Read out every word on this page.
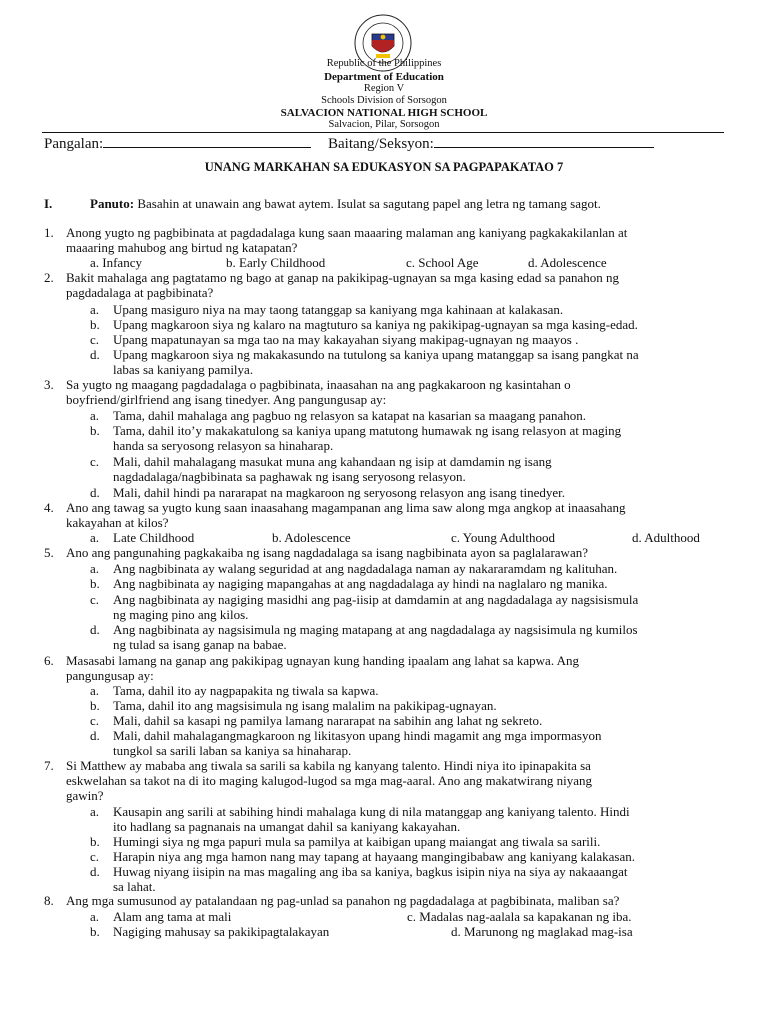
Republic of the Philippines
Department of Education
Region V
Schools Division of Sorsogon
SALVACION NATIONAL HIGH SCHOOL
Salvacion, Pilar, Sorsogon
Pangalan:	Baitang/Seksyon:
UNANG MARKAHAN SA EDUKASYON SA PAGPAPAKATAO 7
I.	Panuto: Basahin at unawain ang bawat aytem. Isulat sa sagutang papel ang letra ng tamang sagot.
1. Anong yugto ng pagbibinata at pagdadalaga kung saan maaaring malaman ang kaniyang pagkakakilanlan at
maaaring mahubog ang birtud ng katapatan?
a. Infancy	b. Early Childhood	c. School Age	d. Adolescence
2. Bakit mahalaga ang pagtatamo ng bago at ganap na pakikipag-ugnayan sa mga kasing edad sa panahon ng
pagdadalaga at pagbibinata?
a. Upang masiguro niya na may taong tatanggap sa kaniyang mga kahinaan at kalakasan.
b. Upang magkaroon siya ng kalaro na magtuturo sa kaniya ng pakikipag-ugnayan sa mga kasing-edad.
c. Upang mapatunayan sa mga tao na may kakayahan siyang makipag-ugnayan ng maayos .
d. Upang magkaroon siya ng makakasundo na tutulong sa kaniya upang matanggap sa isang pangkat na
labas sa kaniyang pamilya.
3. Sa yugto ng maagang pagdadalaga o pagbibinata, inaasahan na ang pagkakaroon ng kasintahan o
boyfriend/girlfriend ang isang tinedyer. Ang pangungusap ay:
a. Tama, dahil mahalaga ang pagbuo ng relasyon sa katapat na kasarian sa maagang panahon.
b. Tama, dahil ito’y makakatulong sa kaniya upang matutong humawak ng isang relasyon at maging
handa sa seryosong relasyon sa hinaharap.
c. Mali, dahil mahalagang masukat muna ang kahandaan ng isip at damdamin ng isang
nagdadalaga/nagbibinata sa paghawak ng isang seryosong relasyon.
d. Mali, dahil hindi pa nararapat na magkaroon ng seryosong relasyon ang isang tinedyer.
4. Ano ang tawag sa yugto kung saan inaasahang magampanan ang lima saw along mga angkop at inaasahang
kakayahan at kilos?
a. Late Childhood	b. Adolescence	c. Young Adulthood	d. Adulthood
5. Ano ang pangunahing pagkakaiba ng isang nagdadalaga sa isang nagbibinata ayon sa paglalarawan?
a. Ang nagbibinata ay walang seguridad at ang nagdadalaga naman ay nakararamdam ng kalituhan.
b. Ang nagbibinata ay nagiging mapangahas at ang nagdadalaga ay hindi na naglalaro ng manika.
c. Ang nagbibinata ay nagiging masidhi ang pag-iisip at damdamin at ang nagdadalaga ay nagsisismula
ng maging pino ang kilos.
d. Ang nagbibinata ay nagsisimula ng maging matapang at ang nagdadalaga ay nagsisimula ng kumilos
ng tulad sa isang ganap na babae.
6. Masasabi lamang na ganap ang pakikipag ugnayan kung handing ipaalam ang lahat sa kapwa. Ang
pangungusap ay:
a. Tama, dahil ito ay nagpapakita ng tiwala sa kapwa.
b. Tama, dahil ito ang magsisimula ng isang malalim na pakikipag-ugnayan.
c. Mali, dahil sa kasapi ng pamilya lamang nararapat na sabihin ang lahat ng sekreto.
d. Mali, dahil mahalagangmagkaroon ng likitasyon upang hindi magamit ang mga impormasyon
tungkol sa sarili laban sa kaniya sa hinaharap.
7. Si Matthew ay mababa ang tiwala sa sarili sa kabila ng kanyang talento. Hindi niya ito ipinapakita sa
eskwelahan sa takot na di ito maging kalugod-lugod sa mga mag-aaral. Ano ang makatwirang niyang
gawin?
a. Kausapin ang sarili at sabihing hindi mahalaga kung di nila matanggap ang kaniyang talento. Hindi
ito hadlang sa pagnanais na umangat dahil sa kaniyang kakayahan.
b. Humingi siya ng mga papuri mula sa pamilya at kaibigan upang maiangat ang tiwala sa sarili.
c. Harapin niya ang mga hamon nang may tapang at hayaang mangingibabaw ang kaniyang kalakasan.
d. Huwag niyang iisipin na mas magaling ang iba sa kaniya, bagkus isipin niya na siya ay nakaaangat
sa lahat.
8. Ang mga sumusunod ay patalandaan ng pag-unlad sa panahon ng pagdadalaga at pagbibinata, maliban sa?
a. Alam ang tama at mali	c. Madalas nag-aalala sa kapakanan ng iba.
b. Nagiging mahusay sa pakikipagtalakayan	d. Marunong ng maglakad mag-isa
